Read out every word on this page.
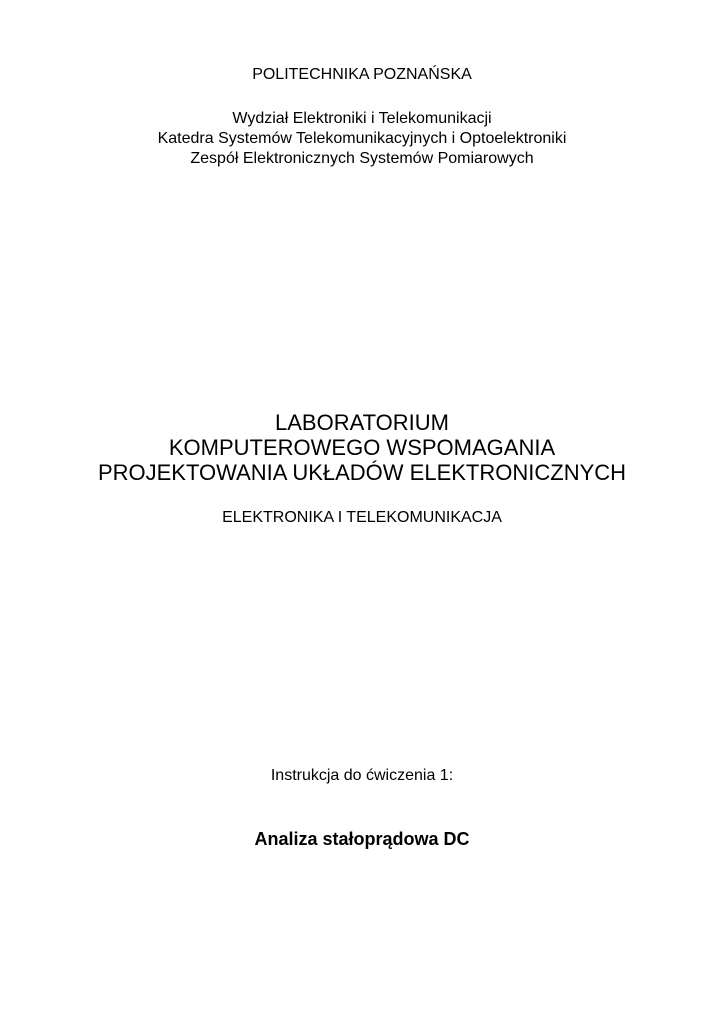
POLITECHNIKA POZNAŃSKA
Wydział Elektroniki i Telekomunikacji
Katedra Systemów Telekomunikacyjnych i Optoelektroniki
Zespół Elektronicznych Systemów Pomiarowych
LABORATORIUM
KOMPUTEROWEGO WSPOMAGANIA
PROJEKTOWANIA UKŁADÓW ELEKTRONICZNYCH
ELEKTRONIKA I TELEKOMUNIKACJA
Instrukcja do ćwiczenia 1:
Analiza stałoprądowa DC
